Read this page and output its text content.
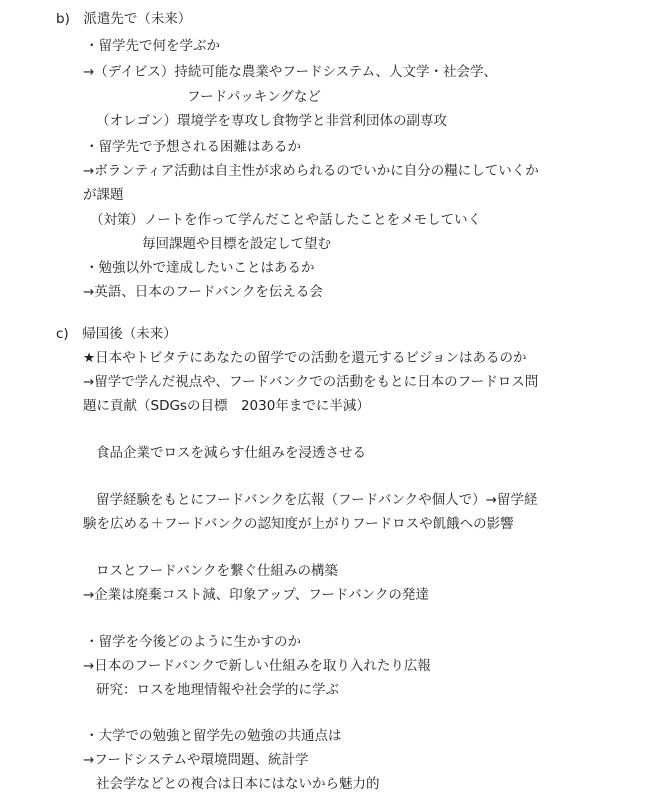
b)　派遣先で（未来）
・留学先で何を学ぶか
→（デイビス）持続可能な農業やフードシステム、人文学・社会学、
フードパッキングなど
（オレゴン）環境学を専攻し食物学と非営利団体の副専攻
・留学先で予想される困難はあるか
→ボランティア活動は自主性が求められるのでいかに自分の糧にしていくか
が課題
（対策）ノートを作って学んだことや話したことをメモしていく
毎回課題や目標を設定して望む
・勉強以外で達成したいことはあるか
→英語、日本のフードバンクを伝える会
c)　帰国後（未来）
★日本やトビタテにあなたの留学での活動を還元するビジョンはあるのか
→留学で学んだ視点や、フードバンクでの活動をもとに日本のフードロス問
題に貢献（SDGsの目標　2030年までに半減）
食品企業でロスを減らす仕組みを浸透させる
留学経験をもとにフードバンクを広報（フードバンクや個人で）→留学経
験を広める＋フードバンクの認知度が上がりフードロスや飢餓への影響
ロスとフードバンクを繋ぐ仕組みの構築
→企業は廃棄コスト減、印象アップ、フードバンクの発達
・留学を今後どのように生かすのか
→日本のフードバンクで新しい仕組みを取り入れたり広報
研究：ロスを地理情報や社会学的に学ぶ
・大学での勉強と留学先の勉強の共通点は
→フードシステムや環境問題、統計学
社会学などとの複合は日本にはないから魅力的
